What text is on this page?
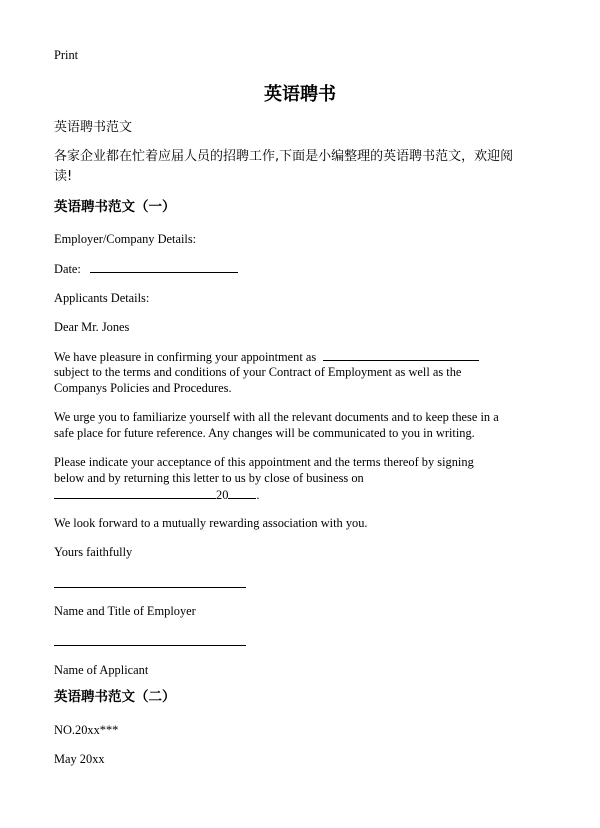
Print
英语聘书
英语聘书范文
各家企业都在忙着应届人员的招聘工作,下面是小编整理的英语聘书范文，欢迎阅
读!
英语聘书范文（一）
Employer/Company Details:
Date:
Applicants Details:
Dear Mr. Jones
We have pleasure in confirming your appointment as
subject to the terms and conditions of your Contract of Employment as well as the
Companys Policies and Procedures.
We urge you to familiarize yourself with all the relevant documents and to keep these in a
safe place for future reference. Any changes will be communicated to you in writing.
Please indicate your acceptance of this appointment and the terms thereof by signing
below and by returning this letter to us by close of business on
20 .
We look forward to a mutually rewarding association with you.
Yours faithfully
Name and Title of Employer
Name of Applicant
英语聘书范文（二）
NO.20xx***
May 20xx
